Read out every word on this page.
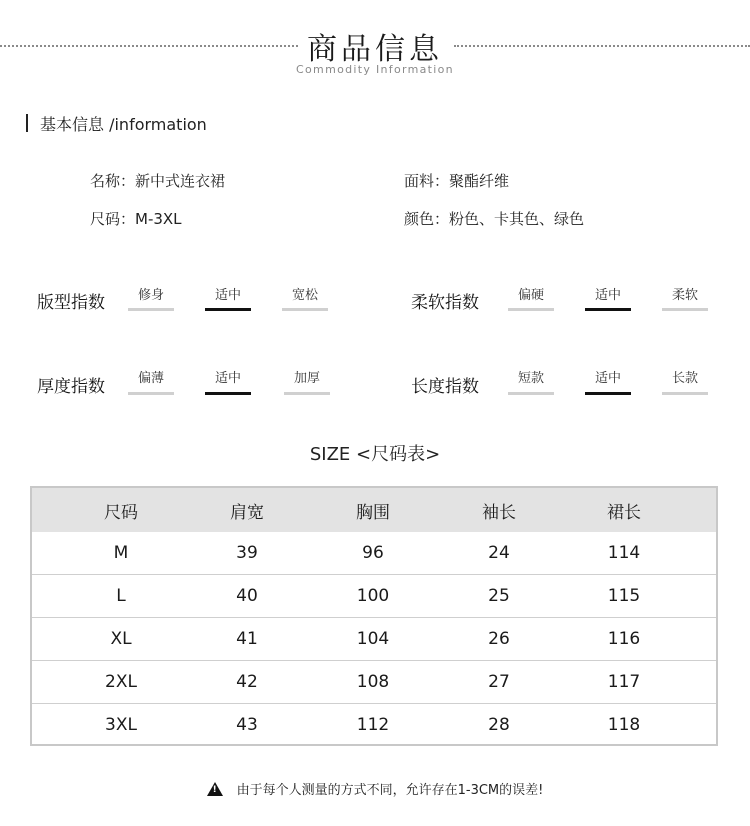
商品信息
Commodity Information
基本信息 /information
名称：新中式连衣裙	面料：聚酯纤维
尺码：M-3XL	颜色：粉色、卡其色、绿色
版型指数	修身	适中	宽松	柔软指数	偏硬	适中	柔软
厚度指数	偏薄	适中	加厚	长度指数	短款	适中	长款
SIZE <尺码表>
尺码	肩宽	胸围	袖长	裙长
M	39	96	24	114
L	40	100	25	115
XL	41	104	26	116
2XL	42	108	27	117
3XL	43	112	28	118
!由于每个人测量的方式不同，允许存在1-3CM的误差!
